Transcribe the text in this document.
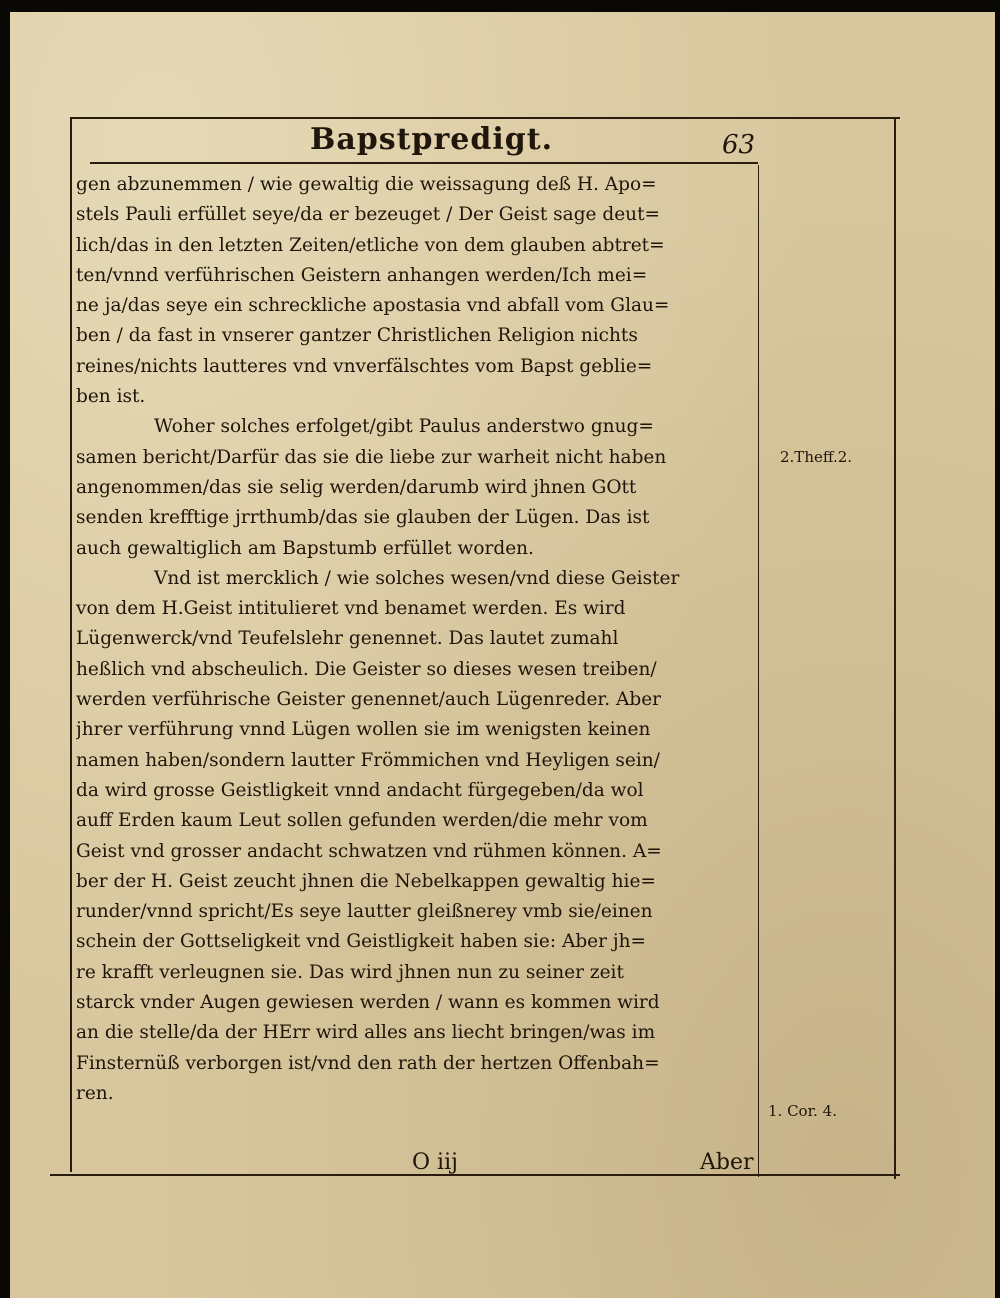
Bapstpredigt.	63
gen abzunemmen / wie gewaltig die weissagung deß H. Apo=
stels Pauli erfüllet seye/da er bezeuget / Der Geist sage deut=
lich/das in den letzten Zeiten/etliche von dem glauben abtret=
ten/vnnd verführischen Geistern anhangen werden/Ich mei=
ne ja/das seye ein schreckliche apostasia vnd abfall vom Glau=
ben / da fast in vnserer gantzer Christlichen Religion nichts
reines/nichts lautteres vnd vnverfälschtes vom Bapst geblie=
ben ist.
Woher solches erfolget/gibt Paulus anderstwo gnug=
samen bericht/Darfür das sie die liebe zur warheit nicht haben
angenommen/das sie selig werden/darumb wird jhnen GOtt
senden krefftige jrrthumb/das sie glauben der Lügen. Das ist
auch gewaltiglich am Bapstumb erfüllet worden.
Vnd ist mercklich / wie solches wesen/vnd diese Geister
von dem H.Geist intitulieret vnd benamet werden. Es wird
Lügenwerck/vnd Teufelslehr genennet. Das lautet zumahl
heßlich vnd abscheulich. Die Geister so dieses wesen treiben/
werden verführische Geister genennet/auch Lügenreder. Aber
jhrer verführung vnnd Lügen wollen sie im wenigsten keinen
namen haben/sondern lautter Frömmichen vnd Heyligen sein/
da wird grosse Geistligkeit vnnd andacht fürgegeben/da wol
auff Erden kaum Leut sollen gefunden werden/die mehr vom
Geist vnd grosser andacht schwatzen vnd rühmen können. A=
ber der H. Geist zeucht jhnen die Nebelkappen gewaltig hie=
runder/vnnd spricht/Es seye lautter gleißnerey vmb sie/einen
schein der Gottseligkeit vnd Geistligkeit haben sie: Aber jh=
re krafft verleugnen sie. Das wird jhnen nun zu seiner zeit
starck vnder Augen gewiesen werden / wann es kommen wird
an die stelle/da der HErr wird alles ans liecht bringen/was im
Finsternüß verborgen ist/vnd den rath der hertzen Offenbah=
ren.
2.Theff.2.
1. Cor. 4.
O iij	Aber
